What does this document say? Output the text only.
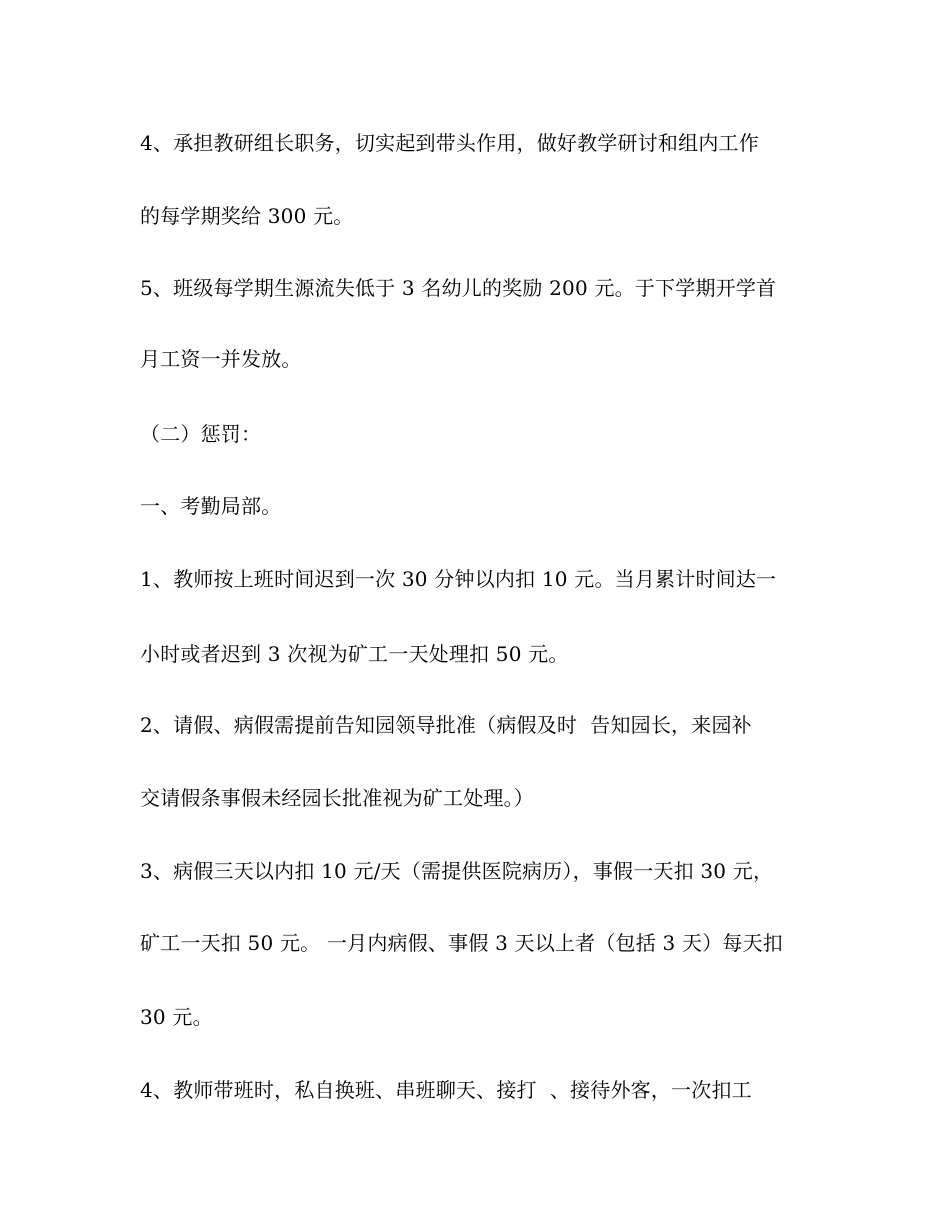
4、承担教研组长职务，切实起到带头作用，做好教学研讨和组内工作
的每学期奖给 300 元。
5、班级每学期生源流失低于 3 名幼儿的奖励 200 元。于下学期开学首
月工资一并发放。
（二）惩罚：
一、考勤局部。
1、教师按上班时间迟到一次 30 分钟以内扣 10 元。当月累计时间达一
小时或者迟到 3 次视为矿工一天处理扣 50 元。
2、请假、病假需提前告知园领导批准（病假及时  告知园长，来园补
交请假条事假未经园长批准视为矿工处理。）
3、病假三天以内扣 10 元/天（需提供医院病历），事假一天扣 30 元，
矿工一天扣 50 元。 一月内病假、事假 3 天以上者（包括 3 天）每天扣
30 元。
4、教师带班时，私自换班、串班聊天、接打  、接待外客，一次扣工
